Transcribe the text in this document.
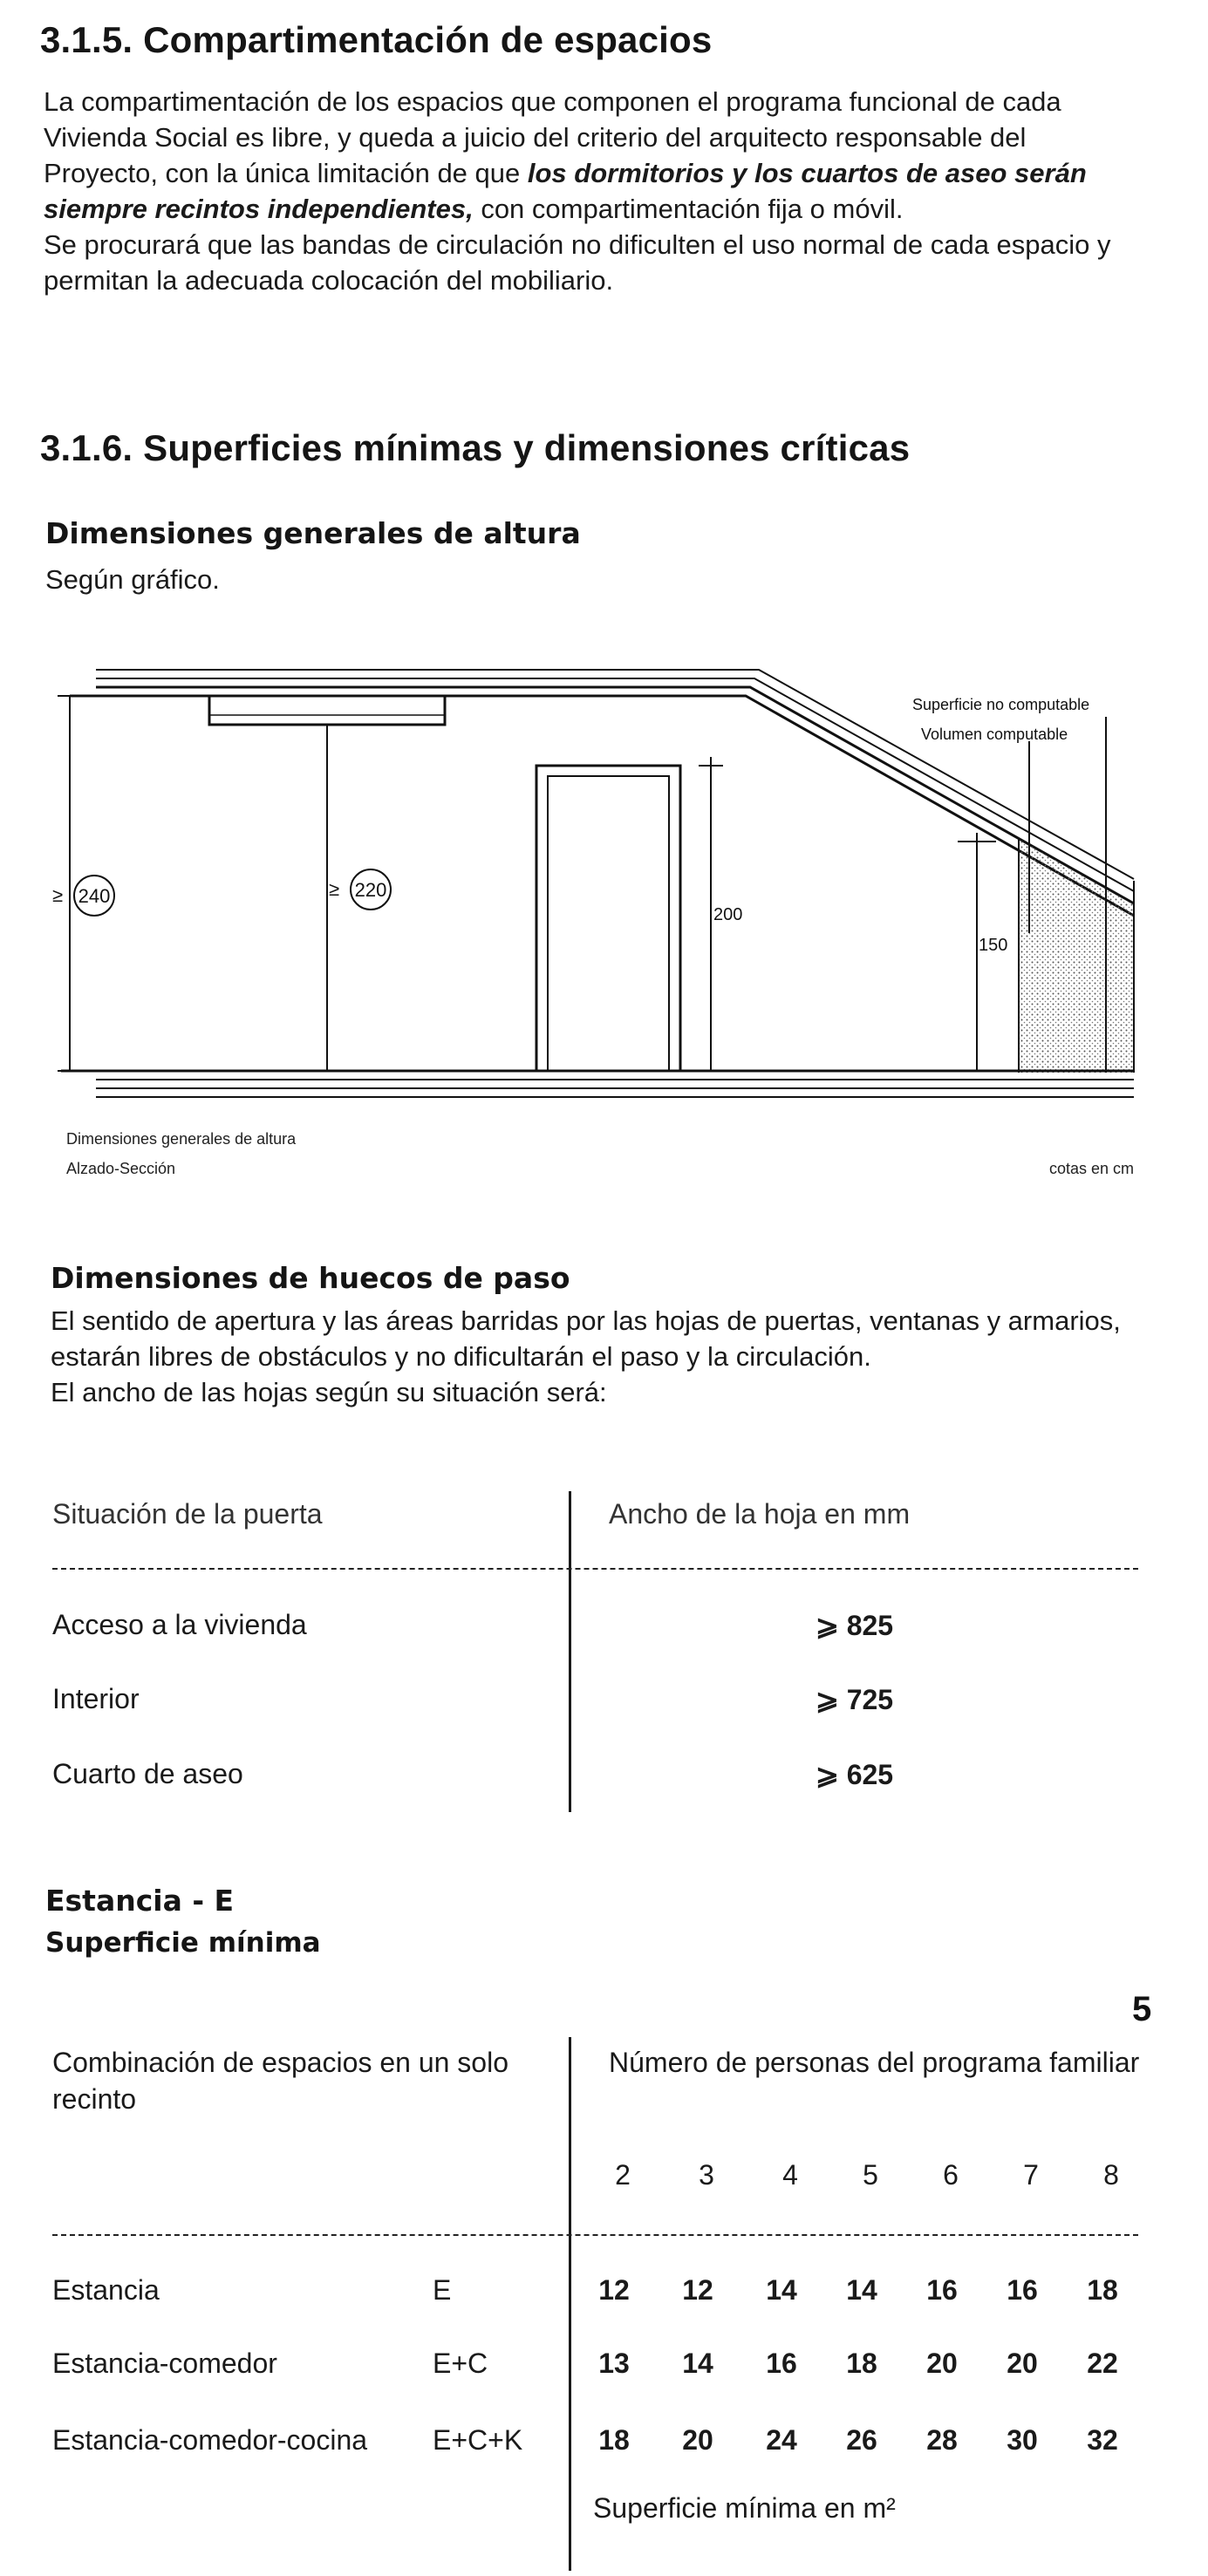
3.1.5. Compartimentación de espacios

La compartimentación de los espacios que componen el programa funcional de cada Vivienda Social es libre, y queda a juicio del criterio del arquitecto responsable del Proyecto, con la única limitación de que los dormitorios y los cuartos de aseo serán siempre recintos independientes, con compartimentación fija o móvil.

Se procurará que las bandas de circulación no dificulten el uso normal de cada espacio y permitan la adecuada colocación del mobiliario.

3.1.6. Superficies mínimas y dimensiones críticas
Dimensiones generales de altura
Según gráfico.
≥ 240	≥ 220
200
150
Superficie no computable
Volumen computable
Dimensiones generales de altura
Alzado-Sección	cotas en cm
Dimensiones de huecos de paso

El sentido de apertura y las áreas barridas por las hojas de puertas, ventanas y armarios, estarán libres de obstáculos y no dificultarán el paso y la circulación.

El ancho de las hojas según su situación será:

Situación de la puerta	Ancho de la hoja en mm
Acceso a la vivienda	⩾ 825
Interior	⩾ 725
Cuarto de aseo	⩾ 625
Estancia - E
Superficie mínima
5
Combinación de espacios en un solo recinto
Número de personas del programa familiar
2	3	4	5	6	7	8
Estancia	E	12	12	14	14	16	16	18
Estancia-comedor	E+C	13	14	16	18	20	20	22
Estancia-comedor-cocina E+C+K	18	20	24	26	28	30	32
Superficie mínima en m²
